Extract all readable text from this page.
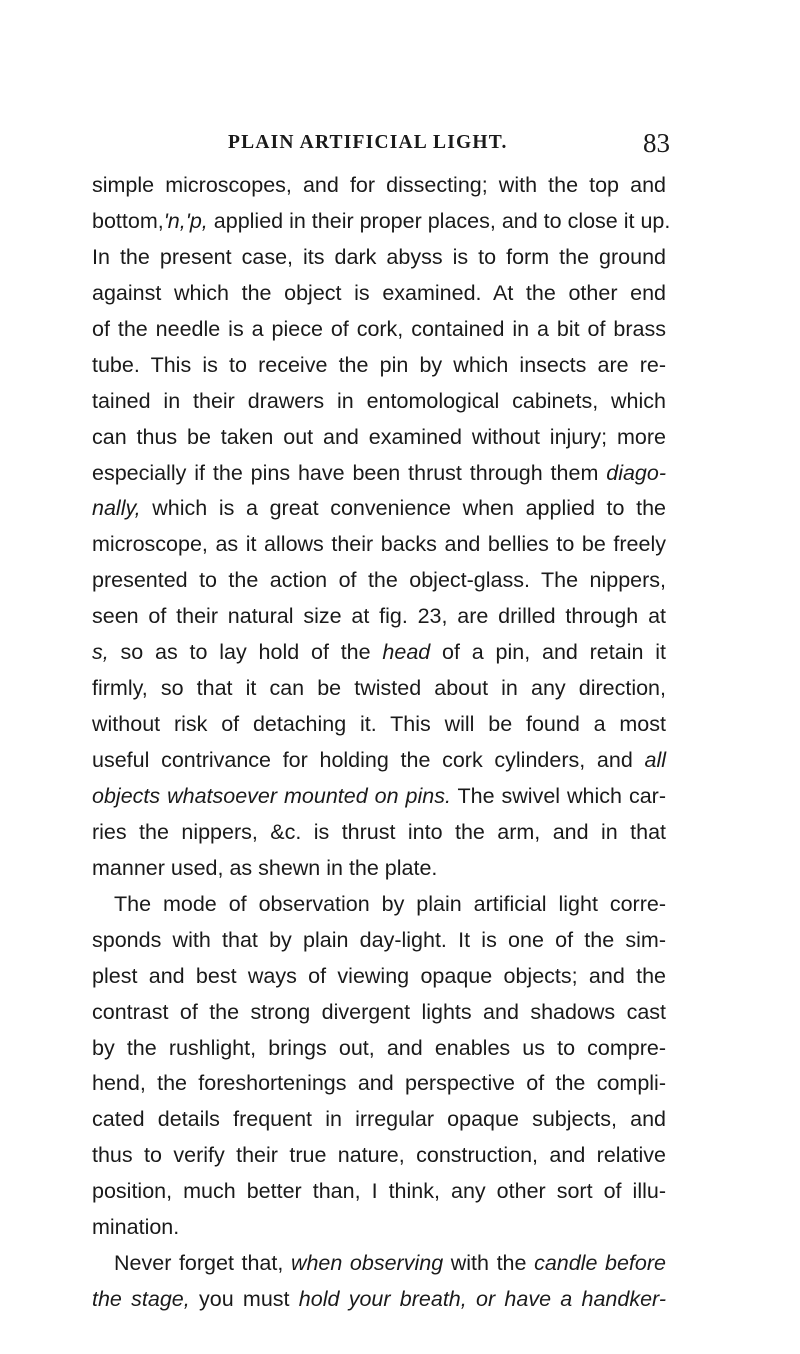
PLAIN ARTIFICIAL LIGHT.	83
simple microscopes, and for dissecting; with the top and
bottom,'n,'p, applied in their proper places, and to close it up.
In the present case, its dark abyss is to form the ground
against which the object is examined. At the other end
of the needle is a piece of cork, contained in a bit of brass
tube. This is to receive the pin by which insects are re-
tained in their drawers in entomological cabinets, which
can thus be taken out and examined without injury; more
especially if the pins have been thrust through them diago-
nally, which is a great convenience when applied to the
microscope, as it allows their backs and bellies to be freely
presented to the action of the object-glass. The nippers,
seen of their natural size at fig. 23, are drilled through at
s, so as to lay hold of the head of a pin, and retain it
firmly, so that it can be twisted about in any direction,
without risk of detaching it. This will be found a most
useful contrivance for holding the cork cylinders, and all
objects whatsoever mounted on pins. The swivel which car-
ries the nippers, &c. is thrust into the arm, and in that
manner used, as shewn in the plate.
The mode of observation by plain artificial light corre-
sponds with that by plain day-light. It is one of the sim-
plest and best ways of viewing opaque objects; and the
contrast of the strong divergent lights and shadows cast
by the rushlight, brings out, and enables us to compre-
hend, the foreshortenings and perspective of the compli-
cated details frequent in irregular opaque subjects, and
thus to verify their true nature, construction, and relative
position, much better than, I think, any other sort of illu-
mination.
Never forget that, when observing with the candle before
the stage, you must hold your breath, or have a handker-
